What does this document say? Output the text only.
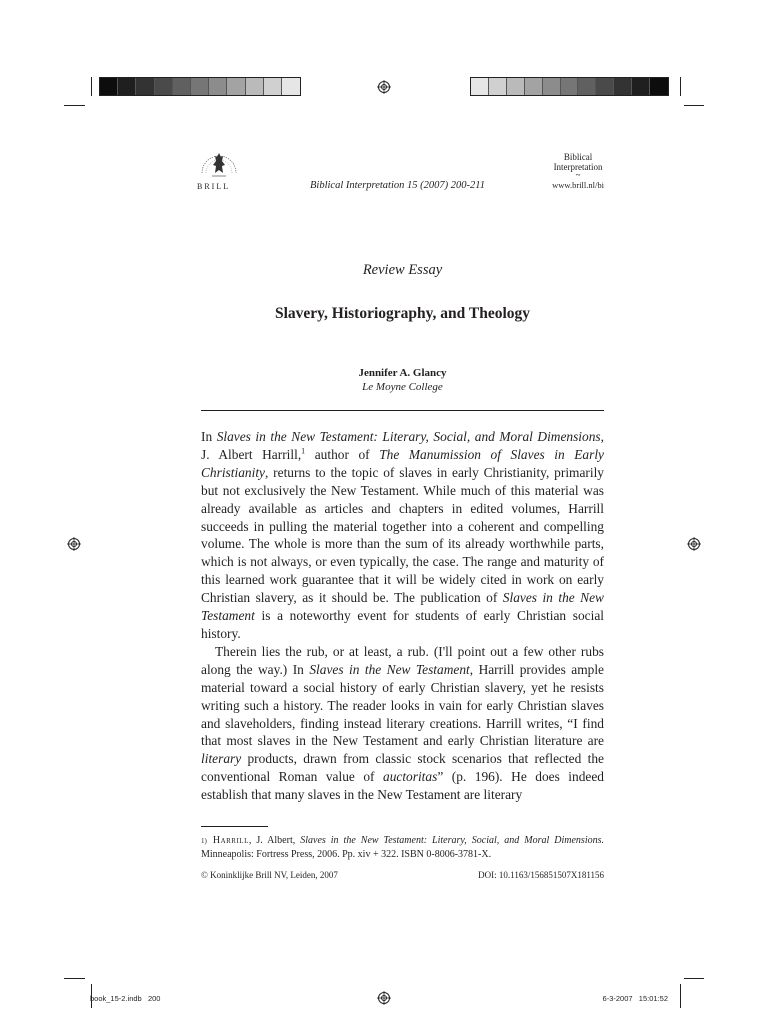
BRILL	Biblical Interpretation 15 (2007) 200-211
Biblical
Interpretation
~
www.brill.nl/bi
Review Essay
Slavery, Historiography, and Theology
Jennifer A. Glancy
Le Moyne College

In Slaves in the New Testament: Literary, Social, and Moral Dimensions, J. Albert Harrill,$^1$ author of The Manumission of Slaves in Early Christianity, returns to the topic of slaves in early Christianity, primarily but not exclusively the New Testament. While much of this material was already available as articles and chapters in edited volumes, Harrill succeeds in pulling the material together into a coherent and compelling volume. The whole is more than the sum of its already worthwhile parts, which is not always, or even typically, the case. The range and maturity of this learned work guarantee that it will be widely cited in work on early Christian slavery, as it should be. The publication of Slaves in the New Testament is a noteworthy event for students of early Christian social history.

Therein lies the rub, or at least, a rub. (I'll point out a few other rubs along the way.) In Slaves in the New Testament, Harrill provides ample material toward a social history of early Christian slavery, yet he resists writing such a history. The reader looks in vain for early Christian slaves and slaveholders, finding instead literary creations. Harrill writes, “I find that most slaves in the New Testament and early Christian literature are literary products, drawn from classic stock scenarios that reflected the conventional Roman value of auctoritas” (p. 196). He does indeed establish that many slaves in the New Testament are literary

$^{1)}$ Harrill, J. Albert, Slaves in the New Testament: Literary, Social, and Moral Dimensions. Minneapolis: Fortress Press, 2006. Pp. xiv + 322. ISBN 0-8006-3781-X.
© Koninklijke Brill NV, Leiden, 2007	DOI: 10.1163/156851507X181156
book_15-2.indb   200	6-3-2007   15:01:52
